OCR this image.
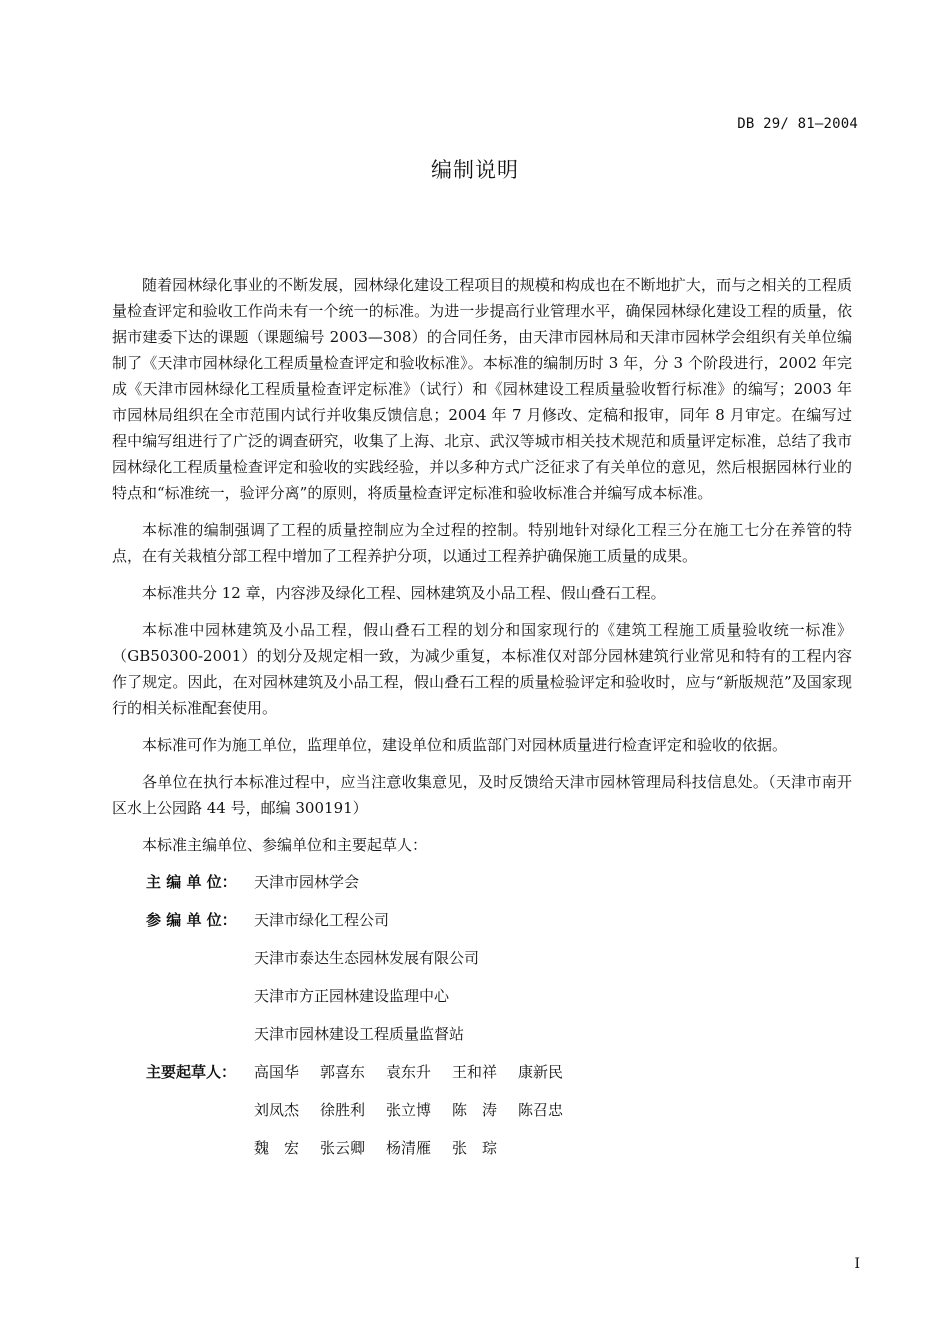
DB 29/ 81—2004
编制说明

随着园林绿化事业的不断发展，园林绿化建设工程项目的规模和构成也在不断地扩大，而与之相关的工程质量检查评定和验收工作尚未有一个统一的标准。为进一步提高行业管理水平，确保园林绿化建设工程的质量，依据市建委下达的课题（课题编号 2003—308）的合同任务，由天津市园林局和天津市园林学会组织有关单位编制了《天津市园林绿化工程质量检查评定和验收标准》。本标准的编制历时 3 年，分 3 个阶段进行，2002 年完成《天津市园林绿化工程质量检查评定标准》（试行）和《园林建设工程质量验收暂行标准》的编写；2003 年市园林局组织在全市范围内试行并收集反馈信息；2004 年 7 月修改、定稿和报审，同年 8 月审定。在编写过程中编写组进行了广泛的调查研究，收集了上海、北京、武汉等城市相关技术规范和质量评定标准，总结了我市园林绿化工程质量检查评定和验收的实践经验，并以多种方式广泛征求了有关单位的意见，然后根据园林行业的特点和“标准统一，验评分离”的原则，将质量检查评定标准和验收标准合并编写成本标准。

本标准的编制强调了工程的质量控制应为全过程的控制。特别地针对绿化工程三分在施工七分在养管的特点，在有关栽植分部工程中增加了工程养护分项，以通过工程养护确保施工质量的成果。

本标准共分 12 章，内容涉及绿化工程、园林建筑及小品工程、假山叠石工程。

本标准中园林建筑及小品工程，假山叠石工程的划分和国家现行的《建筑工程施工质量验收统一标准》（GB50300-2001）的划分及规定相一致，为减少重复，本标准仅对部分园林建筑行业常见和特有的工程内容作了规定。因此，在对园林建筑及小品工程，假山叠石工程的质量检验评定和验收时，应与“新版规范”及国家现行的相关标准配套使用。

本标准可作为施工单位，监理单位，建设单位和质监部门对园林质量进行检查评定和验收的依据。

各单位在执行本标准过程中，应当注意收集意见，及时反馈给天津市园林管理局科技信息处。（天津市南开区水上公园路 44 号，邮编 300191）

本标准主编单位、参编单位和主要起草人：

主 编 单 位：	天津市园林学会
参 编 单 位：	天津市绿化工程公司
天津市泰达生态园林发展有限公司
天津市方正园林建设监理中心
天津市园林建设工程质量监督站
主要起草人：	高国华	郭喜东	袁东升	王和祥	康新民
刘凤杰	徐胜利	张立博	陈　涛	陈召忠
魏　宏	张云卿	杨清雁	张　琮
I
